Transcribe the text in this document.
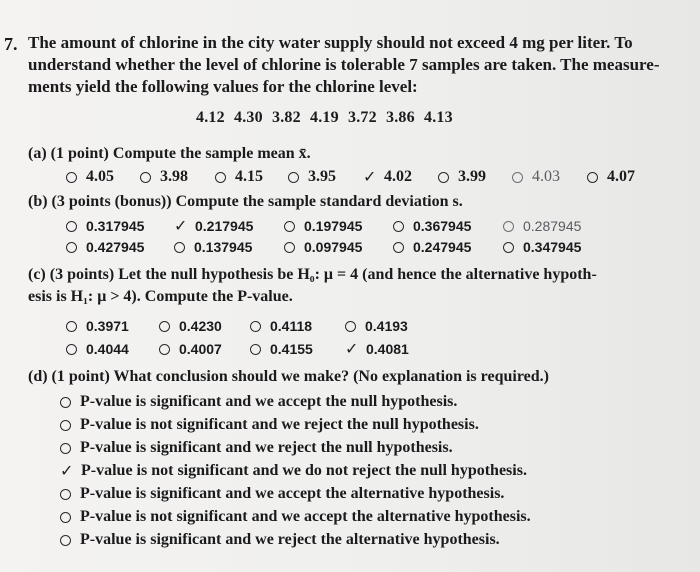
7. The amount of chlorine in the city water supply should not exceed 4 mg per liter. To
understand whether the level of chlorine is tolerable 7 samples are taken. The measure-
ments yield the following values for the chlorine level:
4.12 4.30 3.82 4.19 3.72 3.86 4.13
(a) (1 point) Compute the sample mean x̄.
4.05	3.98	4.15	3.95 ✓ 4.02	3.99	4.03	4.07
(b) (3 points (bonus)) Compute the sample standard deviation s.
0.317945 ✓ 0.217945	0.197945	0.367945	0.287945
0.427945	0.137945	0.097945	0.247945	0.347945
(c) (3 points) Let the null hypothesis be H₀: μ = 4 (and hence the alternative hypoth-
esis is H₁: μ > 4). Compute the P-value.
0.3971	0.4230	0.4118	0.4193
0.4044	0.4007	0.4155 ✓ 0.4081
(d) (1 point) What conclusion should we make? (No explanation is required.)
P-value is significant and we accept the null hypothesis.
P-value is not significant and we reject the null hypothesis.
P-value is significant and we reject the null hypothesis.
✓ P-value is not significant and we do not reject the null hypothesis.
P-value is significant and we accept the alternative hypothesis.
P-value is not significant and we accept the alternative hypothesis.
P-value is significant and we reject the alternative hypothesis.
